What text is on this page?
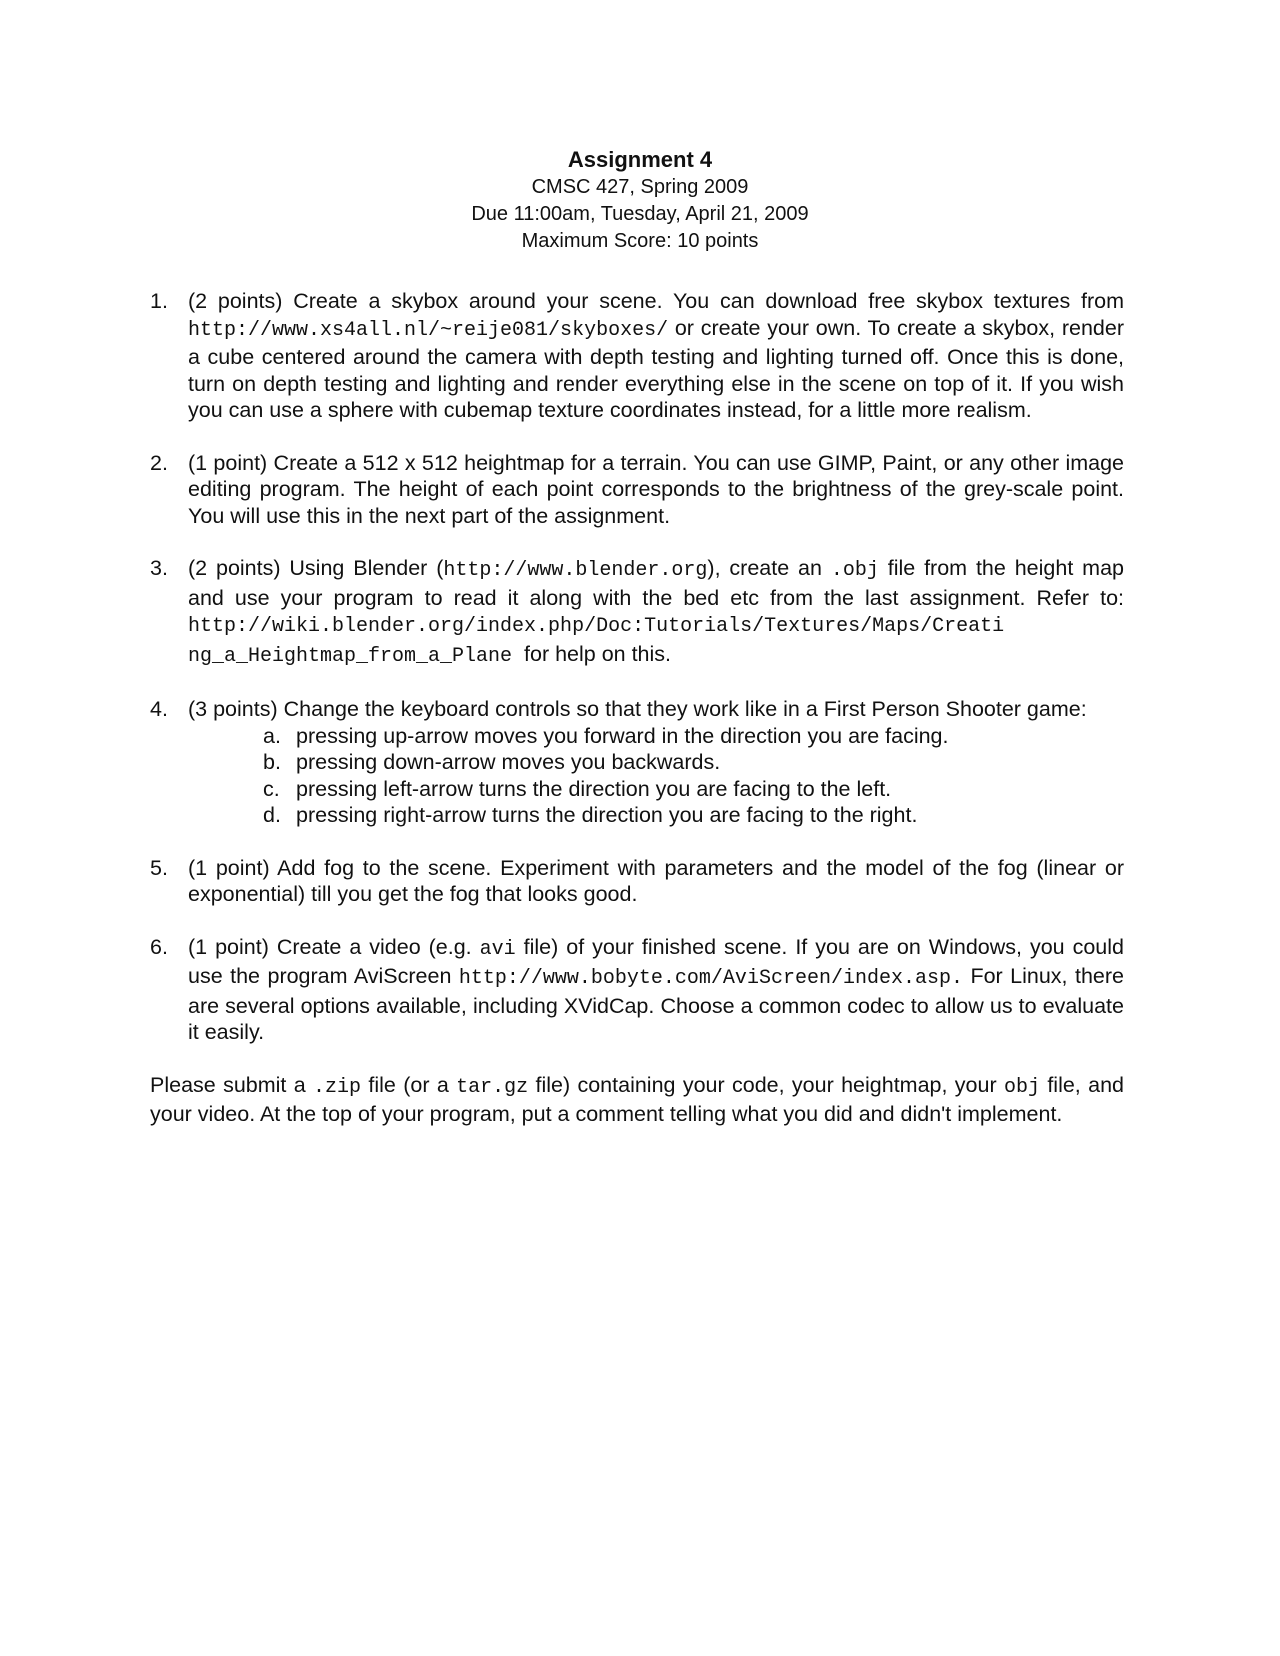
Assignment 4
CMSC 427, Spring 2009
Due 11:00am, Tuesday, April 21, 2009
Maximum Score: 10 points
1. (2 points) Create a skybox around your scene. You can download free skybox textures from http://www.xs4all.nl/~reije081/skyboxes/ or create your own. To create a skybox, render a cube centered around the camera with depth testing and lighting turned off. Once this is done, turn on depth testing and lighting and render everything else in the scene on top of it. If you wish you can use a sphere with cubemap texture coordinates instead, for a little more realism.
2. (1 point) Create a 512 x 512 heightmap for a terrain. You can use GIMP, Paint, or any other image editing program. The height of each point corresponds to the brightness of the grey-scale point. You will use this in the next part of the assignment.
3. (2 points) Using Blender (http://www.blender.org), create an .obj file from the height map and use your program to read it along with the bed etc from the last assignment. Refer to: http://wiki.blender.org/index.php/Doc:Tutorials/Textures/Maps/Creati
ng_a_Heightmap_from_a_Plane  for help on this.
4. (3 points) Change the keyboard controls so that they work like in a First Person Shooter game:
a. pressing up-arrow moves you forward in the direction you are facing.
b. pressing down-arrow moves you backwards.
c. pressing left-arrow turns the direction you are facing to the left.
d. pressing right-arrow turns the direction you are facing to the right.
5. (1 point) Add fog to the scene. Experiment with parameters and the model of the fog (linear or exponential) till you get the fog that looks good.
6. (1 point) Create a video (e.g. avi file) of your finished scene. If you are on Windows, you could use the program AviScreen http://www.bobyte.com/AviScreen/index.asp. For Linux, there are several options available, including XVidCap. Choose a common codec to allow us to evaluate it easily.
Please submit a .zip file (or a tar.gz file) containing your code, your heightmap, your obj file, and your video. At the top of your program, put a comment telling what you did and didn't implement.
